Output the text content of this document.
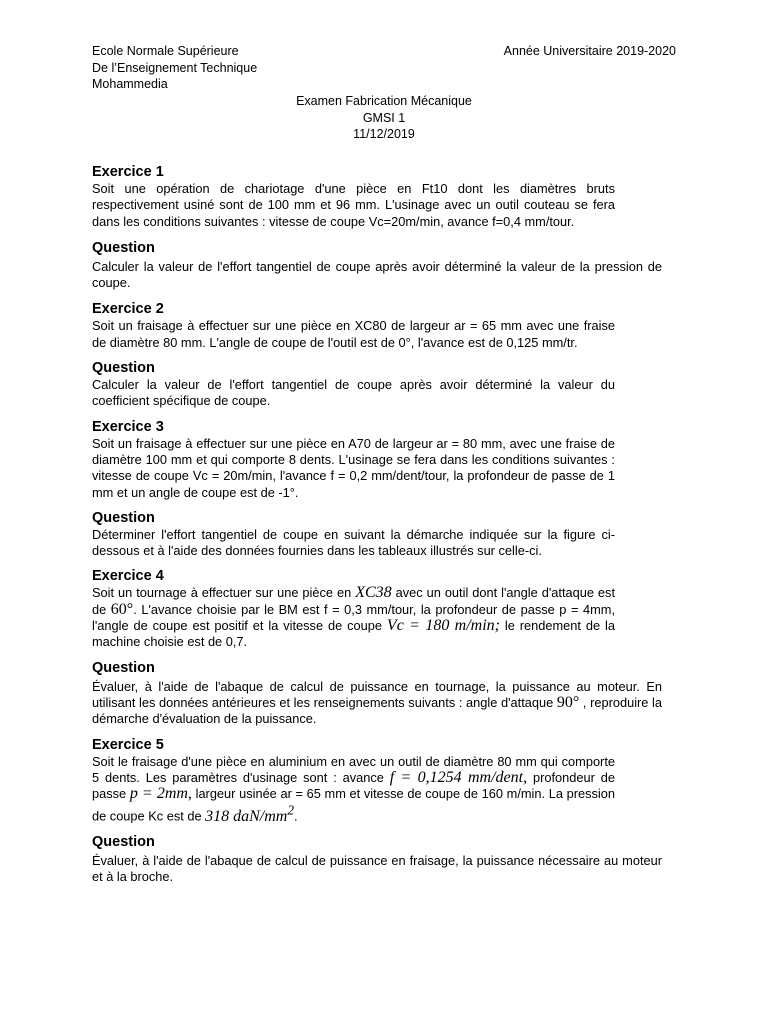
Ecole Normale Supérieure
De l’Enseignement Technique
Mohammedia
Année Universitaire 2019-2020
Examen Fabrication Mécanique
GMSI 1
11/12/2019
Exercice 1

Soit une opération de chariotage d'une pièce en Ft10 dont les diamètres bruts respectivement usiné sont de 100 mm et 96 mm. L'usinage avec un outil couteau se fera dans les conditions suivantes : vitesse de coupe Vc=20m/min, avance f=0,4 mm/tour.

Question

Calculer la valeur de l'effort tangentiel de coupe après avoir déterminé la valeur de la pression de coupe.

Exercice 2

Soit un fraisage à effectuer sur une pièce en XC80 de largeur ar = 65 mm avec une fraise de diamètre 80 mm. L'angle de coupe de l'outil est de 0°, l'avance est de 0,125 mm/tr.

Question

Calculer la valeur de l'effort tangentiel de coupe après avoir déterminé la valeur du coefficient spécifique de coupe.

Exercice 3

Soit un fraisage à effectuer sur une pièce en A70 de largeur ar = 80 mm, avec une fraise de diamètre 100 mm et qui comporte 8 dents. L'usinage se fera dans les conditions suivantes : vitesse de coupe Vc = 20m/min, l'avance f = 0,2 mm/dent/tour, la profondeur de passe de 1 mm et un angle de coupe est de -1°.

Question

Déterminer l'effort tangentiel de coupe en suivant la démarche indiquée sur la figure ci-dessous et à l'aide des données fournies dans les tableaux illustrés sur celle-ci.

Exercice 4

Soit un tournage à effectuer sur une pièce en XC38 avec un outil dont l'angle d'attaque est de 60°. L'avance choisie par le BM est f = 0,3 mm/tour, la profondeur de passe p = 4mm, l'angle de coupe est positif et la vitesse de coupe Vc = 180 m/min; le rendement de la machine choisie est de 0,7.

Question

Évaluer, à l'aide de l'abaque de calcul de puissance en tournage, la puissance au moteur. En utilisant les données antérieures et les renseignements suivants : angle d'attaque 90° , reproduire la démarche d'évaluation de la puissance.

Exercice 5

Soit le fraisage d'une pièce en aluminium en avec un outil de diamètre 80 mm qui comporte 5 dents. Les paramètres d'usinage sont : avance f = 0,1254 mm/dent, profondeur de passe p = 2mm, largeur usinée ar = 65 mm et vitesse de coupe de 160 m/min. La pression de coupe Kc est de 318 daN/$mm^2$.

Question

Évaluer, à l'aide de l'abaque de calcul de puissance en fraisage, la puissance nécessaire au moteur et à la broche.
